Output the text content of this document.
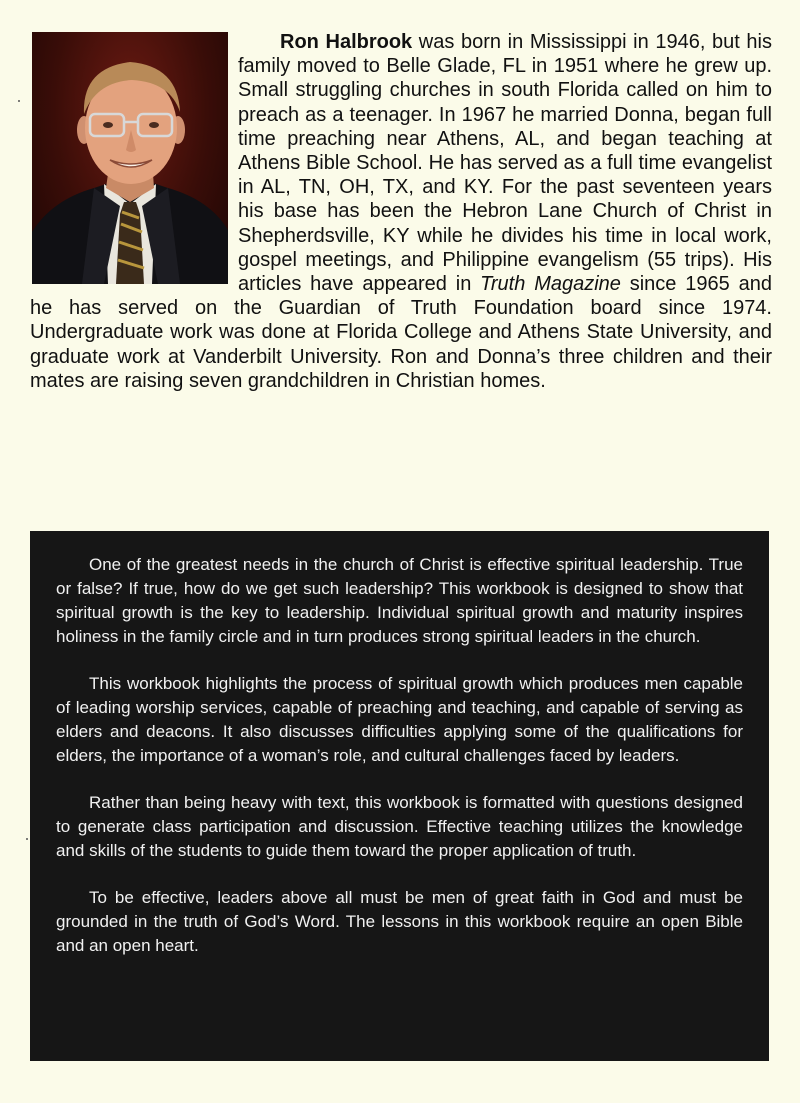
Ron Halbrook was born in Mississippi in 1946, but his family moved to Belle Glade, FL in 1951 where he grew up. Small struggling churches in south Florida called on him to preach as a teenager. In 1967 he married Donna, began full time preaching near Athens, AL, and began teaching at Athens Bible School. He has served as a full time evangelist in AL, TN, OH, TX, and KY. For the past seventeen years his base has been the Hebron Lane Church of Christ in Shepherdsville, KY while he divides his time in local work, gospel meetings, and Philippine evangelism (55 trips). His articles have appeared in Truth Magazine since 1965 and he has served on the Guardian of Truth Foundation board since 1974. Undergraduate work was done at Florida College and Athens State University, and graduate work at Vanderbilt University. Ron and Donna’s three children and their mates are raising seven grandchildren in Christian homes.

One of the greatest needs in the church of Christ is effective spiritual leadership. True or false? If true, how do we get such leadership? This workbook is designed to show that spiritual growth is the key to leadership. Individual spiritual growth and maturity inspires holiness in the family circle and in turn produces strong spiritual leaders in the church.

This workbook highlights the process of spiritual growth which produces men capable of leading worship services, capable of preaching and teaching, and capable of serving as elders and deacons. It also discusses difficulties applying some of the qualifications for elders, the importance of a woman’s role, and cultural challenges faced by leaders.

Rather than being heavy with text, this workbook is formatted with questions designed to generate class participation and discussion. Effective teaching utilizes the knowledge and skills of the students to guide them toward the proper application of truth.

To be effective, leaders above all must be men of great faith in God and must be grounded in the truth of God’s Word. The lessons in this workbook require an open Bible and an open heart.
